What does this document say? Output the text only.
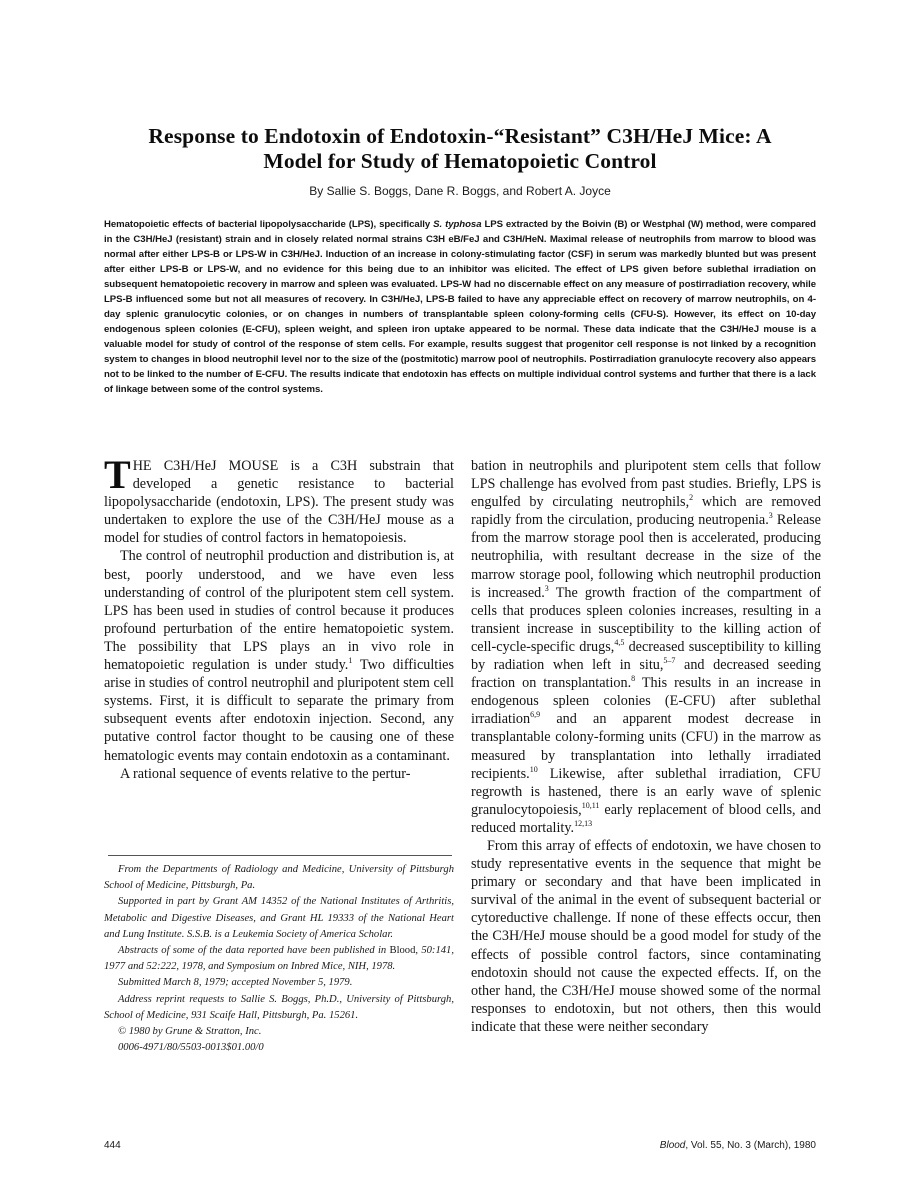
Response to Endotoxin of Endotoxin-“Resistant” C3H/HeJ Mice: A
Model for Study of Hematopoietic Control
By Sallie S. Boggs, Dane R. Boggs, and Robert A. Joyce
Hematopoietic effects of bacterial lipopolysaccharide (LPS), specifically S. typhosa LPS extracted by the Boivin (B) or Westphal (W) method, were compared in the C3H/HeJ (resistant) strain and in closely related normal strains C3H eB/FeJ and C3H/HeN. Maximal release of neutrophils from marrow to blood was normal after either LPS-B or LPS-W in C3H/HeJ. Induction of an increase in colony-stimulating factor (CSF) in serum was markedly blunted but was present after either LPS-B or LPS-W, and no evidence for this being due to an inhibitor was elicited. The effect of LPS given before sublethal irradiation on subsequent hematopoietic recovery in marrow and spleen was evaluated. LPS-W had no discernable effect on any measure of postirradiation recovery, while LPS-B influenced some but not all measures of recovery. In C3H/HeJ, LPS-B failed to have any appreciable effect on recovery of marrow neutrophils, on 4-day splenic granulocytic colonies, or on changes in numbers of transplantable spleen colony-forming cells (CFU-S). However, its effect on 10-day endogenous spleen colonies (E-CFU), spleen weight, and spleen iron uptake appeared to be normal. These data indicate that the C3H/HeJ mouse is a valuable model for study of control of the response of stem cells. For example, results suggest that progenitor cell response is not linked by a recognition system to changes in blood neutrophil level nor to the size of the (postmitotic) marrow pool of neutrophils. Postirradiation granulocyte recovery also appears not to be linked to the number of E-CFU. The results indicate that endotoxin has effects on multiple individual control systems and further that there is a lack of linkage between some of the control systems.

THE C3H/HeJ MOUSE is a C3H substrain that developed a genetic resistance to bacterial lipopolysaccharide (endotoxin, LPS). The present study was undertaken to explore the use of the C3H/HeJ mouse as a model for studies of control factors in hematopoiesis.

The control of neutrophil production and distribution is, at best, poorly understood, and we have even less understanding of control of the pluripotent stem cell system. LPS has been used in studies of control because it produces profound perturbation of the entire hematopoietic system. The possibility that LPS plays an in vivo role in hematopoietic regulation is under study.$^1$ Two difficulties arise in studies of control neutrophil and pluripotent stem cell systems. First, it is difficult to separate the primary from subsequent events after endotoxin injection. Second, any putative control factor thought to be causing one of these hematologic events may contain endotoxin as a contaminant.

A rational sequence of events relative to the pertur-

From the Departments of Radiology and Medicine, University of Pittsburgh School of Medicine, Pittsburgh, Pa.

Supported in part by Grant AM 14352 of the National Institutes of Arthritis, Metabolic and Digestive Diseases, and Grant HL 19333 of the National Heart and Lung Institute. S.S.B. is a Leukemia Society of America Scholar.

Abstracts of some of the data reported have been published in Blood, 50:141, 1977 and 52:222, 1978, and Symposium on Inbred Mice, NIH, 1978.

Submitted March 8, 1979; accepted November 5, 1979.

Address reprint requests to Sallie S. Boggs, Ph.D., University of Pittsburgh, School of Medicine, 931 Scaife Hall, Pittsburgh, Pa. 15261.

© 1980 by Grune & Stratton, Inc.

0006-4971/80/5503-0013$01.00/0

bation in neutrophils and pluripotent stem cells that follow LPS challenge has evolved from past studies. Briefly, LPS is engulfed by circulating neutrophils,$^2$ which are removed rapidly from the circulation, producing neutropenia.$^3$ Release from the marrow storage pool then is accelerated, producing neutrophilia, with resultant decrease in the size of the marrow storage pool, following which neutrophil production is increased.$^3$ The growth fraction of the compartment of cells that produces spleen colonies increases, resulting in a transient increase in susceptibility to the killing action of cell-cycle-specific drugs,$^{4,5}$ decreased susceptibility to killing by radiation when left in situ,$^{5-7}$ and decreased seeding fraction on transplantation.$^8$ This results in an increase in endogenous spleen colonies (E-CFU) after sublethal irradiation$^{6,9}$ and an apparent modest decrease in transplantable colony-forming units (CFU) in the marrow as measured by transplantation into lethally irradiated recipients.$^{10}$ Likewise, after sublethal irradiation, CFU regrowth is hastened, there is an early wave of splenic granulocytopoiesis,$^{10,11}$ early replacement of blood cells, and reduced mortality.$^{12,13}$

From this array of effects of endotoxin, we have chosen to study representative events in the sequence that might be primary or secondary and that have been implicated in survival of the animal in the event of subsequent bacterial or cytoreductive challenge. If none of these effects occur, then the C3H/HeJ mouse should be a good model for study of the effects of possible control factors, since contaminating endotoxin should not cause the expected effects. If, on the other hand, the C3H/HeJ mouse showed some of the normal responses to endotoxin, but not others, then this would indicate that these were neither secondary

444	Blood, Vol. 55, No. 3 (March), 1980
